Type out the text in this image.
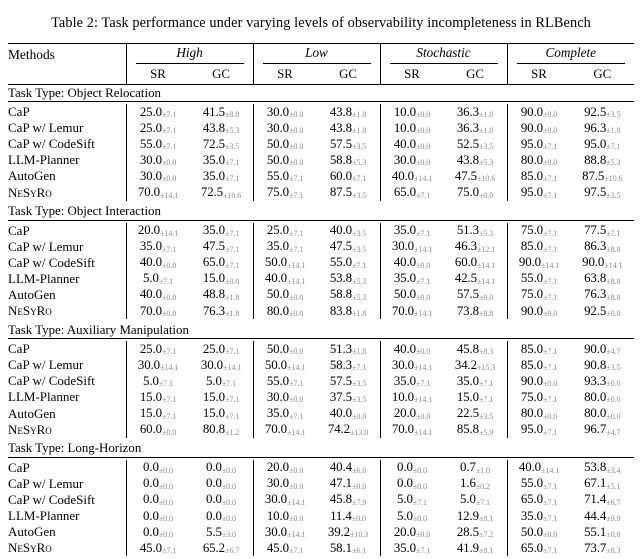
Table 2: Task performance under varying levels of observability incompleteness in RLBench

Methods	High		Low		Stochastic		Complete	

	SR	GC	SR	GC	SR	GC	SR	GC

Task Type: Object Relocation								

CaP	25.0±7.1	41.5±8.8	30.0±0.0	43.8±1.8	10.0±0.0	36.3±1.8	90.0±0.0	92.5±3.5
CaP w/ Lemur	25.0±7.1	43.8±5.3	30.0±0.0	43.8±1.8	10.0±0.0	36.3±1.8	90.0±0.0	96.3±1.8
CaP w/ CodeSift	55.0±7.1	72.5±3.5	50.0±0.0	57.5±3.5	40.0±0.0	52.5±3.5	95.0±7.1	95.0±7.1
LLM-Planner	30.0±0.0	35.0±7.1	50.0±0.0	58.8±5.3	30.0±0.0	43.8±5.3	80.0±0.0	88.8±5.3
AutoGen	30.0±0.0	35.0±7.1	55.0±7.1	60.0±7.1	40.0±14.1	47.5±10.6	85.0±7.1	87.5±10.6
NeSyRo	70.0±14.1	72.5±10.6	75.0±7.1	87.5±3.5	65.0±7.1	75.0±0.0	95.0±7.1	97.5±3.5

Task Type: Object Interaction								

CaP	20.0±14.1	35.0±7.1	25.0±7.1	40.0±3.5	35.0±7.1	51.3±5.3	75.0±7.1	77.5±7.1
CaP w/ Lemur	35.0±7.1	47.5±7.1	35.0±7.1	47.5±3.5	30.0±14.1	46.3±12.1	85.0±7.1	86.3±8.8
CaP w/ CodeSift	40.0±0.0	65.0±7.1	50.0±14.1	55.0±7.1	40.0±0.0	60.0±14.1	90.0±14.1	90.0±14.1
LLM-Planner	5.0±7.1	15.0±0.0	40.0±14.1	53.8±5.3	35.0±7.1	42.5±14.1	55.0±7.1	63.8±8.8
AutoGen	40.0±0.0	48.8±1.8	50.0±0.0	58.8±5.3	50.0±0.0	57.5±0.0	75.0±7.1	76.3±8.8
NeSyRo	70.0±0.0	76.3±1.8	80.0±0.0	83.8±1.8	70.0±14.1	73.8±8.8	90.0±0.0	92.5±0.0

Task Type: Auxiliary Manipulation								

CaP	25.0±7.1	25.0±7.1	50.0±0.0	51.3±1.8	40.0±0.0	45.8±8.3	85.0±7.1	90.0±4.7
CaP w/ Lemur	30.0±14.1	30.0±14.1	50.0±14.1	58.3±7.1	30.0±14.1	34.2±15.3	85.0±7.1	90.8±3.5
CaP w/ CodeSift	5.0±7.1	5.0±7.1	55.0±7.1	57.5±3.5	35.0±7.1	35.0±7.1	90.0±0.0	93.3±0.0
LLM-Planner	15.0±7.1	15.0±7.1	30.0±0.0	37.5±3.5	10.0±14.1	15.0±7.1	75.0±7.1	80.0±0.0
AutoGen	15.0±7.1	15.0±7.1	35.0±7.1	40.0±0.0	20.0±0.0	22.5±3.5	80.0±0.0	80.0±0.0
NeSyRo	60.0±0.0	80.8±1.2	70.0±14.1	74.2±13.0	70.0±14.1	85.8±5.9	95.0±7.1	96.7±4.7

Task Type: Long-Horizon								

CaP	0.0±0.0	0.0±0.0	20.0±0.0	40.4±6.6	0.0±0.0	0.7±1.0	40.0±14.1	53.8±3.4
CaP w/ Lemur	0.0±0.0	0.0±0.0	30.0±0.0	47.1±0.0	0.0±0.0	1.6±0.2	55.0±7.1	67.1±5.1
CaP w/ CodeSift	0.0±0.0	0.0±0.0	30.0±14.1	45.8±7.9	5.0±7.1	5.0±7.1	65.0±7.1	71.4±6.7
LLM-Planner	0.0±0.0	0.0±0.0	10.0±0.0	11.4±0.0	5.0±0.0	12.9±8.1	35.0±7.1	44.4±9.9
AutoGen	0.0±0.0	5.5±3.0	30.0±14.1	39.2±10.3	20.0±0.0	28.5±7.2	50.0±0.0	55.1±0.8
NeSyRo	45.0±7.1	65.2±6.7	45.0±7.1	58.1±6.1	35.0±7.1	41.9±8.1	65.0±7.1	73.7±8.3
